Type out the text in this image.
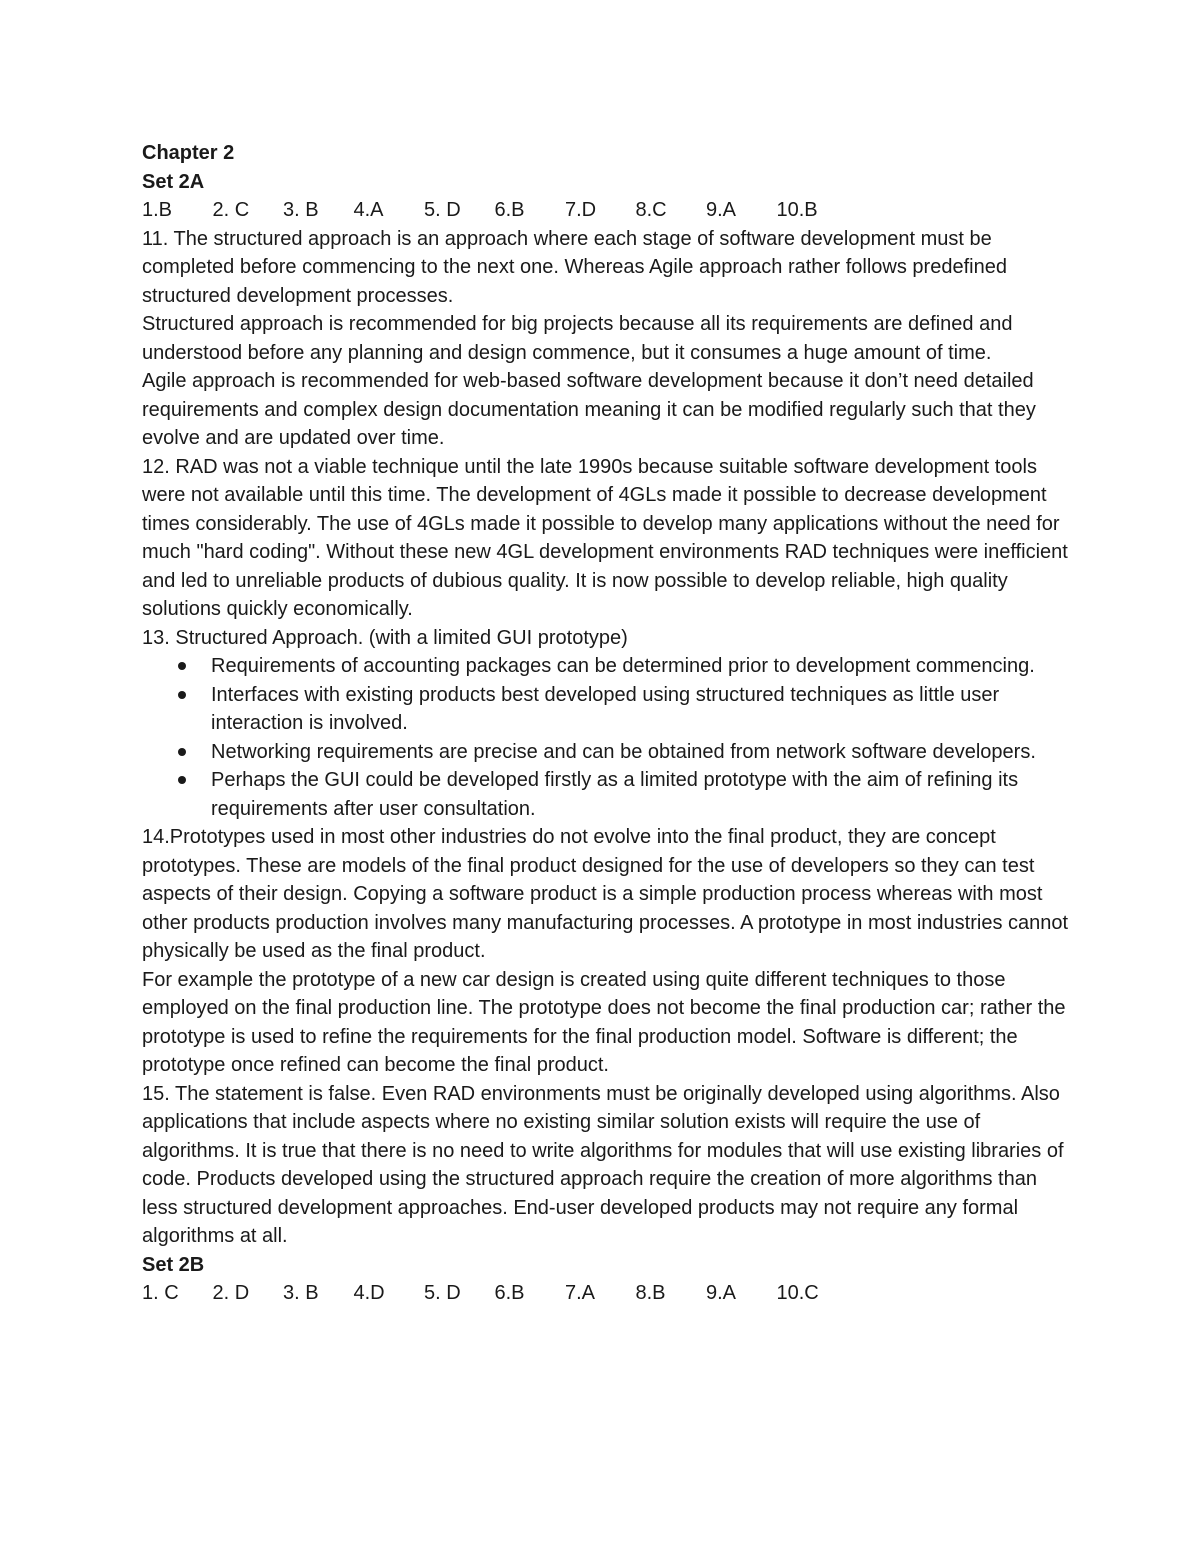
Chapter 2

Set 2A

1.B	2. C	3. B	4.A	5. D	6.B	7.D	8.C	9.A	10.B

11. The structured approach is an approach where each stage of software development must be completed before commencing to the next one. Whereas Agile approach rather follows predefined structured development processes.

Structured approach is recommended for big projects because all its requirements are defined and understood before any planning and design commence, but it consumes a huge amount of time.

Agile approach is recommended for web-based software development because it don’t need detailed requirements and complex design documentation meaning it can be modified regularly such that they evolve and are updated over time.

12. RAD was not a viable technique until the late 1990s because suitable software development tools were not available until this time. The development of 4GLs made it possible to decrease development times considerably. The use of 4GLs made it possible to develop many applications without the need for much "hard coding". Without these new 4GL development environments RAD techniques were inefficient and led to unreliable products of dubious quality. It is now possible to develop reliable, high quality solutions quickly economically.

13. Structured Approach. (with a limited GUI prototype)

Requirements of accounting packages can be determined prior to development commencing.
Interfaces with existing products best developed using structured techniques as little user interaction is involved.
Networking requirements are precise and can be obtained from network software developers.
Perhaps the GUI could be developed firstly as a limited prototype with the aim of refining its requirements after user consultation.

14.Prototypes used in most other industries do not evolve into the final product, they are concept prototypes. These are models of the final product designed for the use of developers so they can test aspects of their design. Copying a software product is a simple production process whereas with most other products production involves many manufacturing processes. A prototype in most industries cannot physically be used as the final product.

For example the prototype of a new car design is created using quite different techniques to those employed on the final production line. The prototype does not become the final production car; rather the prototype is used to refine the requirements for the final production model. Software is different; the prototype once refined can become the final product.

15. The statement is false. Even RAD environments must be originally developed using algorithms. Also applications that include aspects where no existing similar solution exists will require the use of algorithms. It is true that there is no need to write algorithms for modules that will use existing libraries of code. Products developed using the structured approach require the creation of more algorithms than less structured development approaches. End-user developed products may not require any formal algorithms at all.

Set 2B

1. C	2. D	3. B	4.D	5. D	6.B	7.A	8.B	9.A	10.C
